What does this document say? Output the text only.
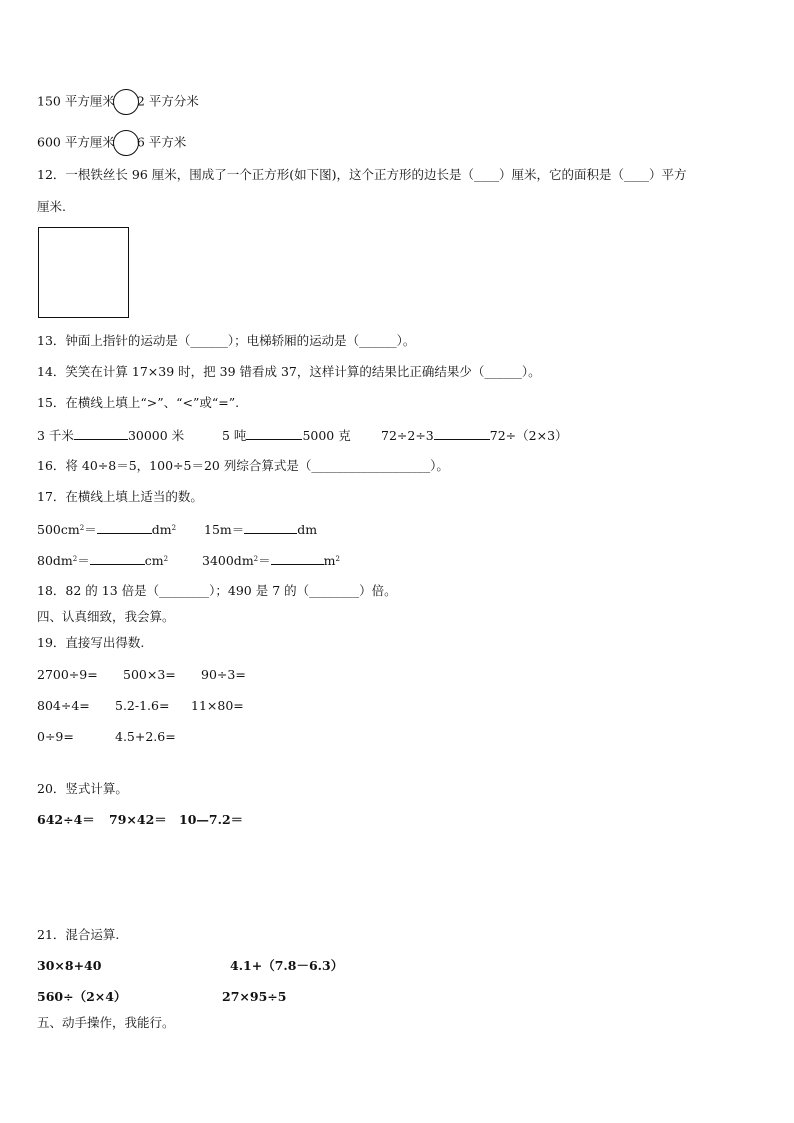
150 平方厘米 2 平方分米
600 平方厘米 6 平方米
12．一根铁丝长 96 厘米，围成了一个正方形(如下图)，这个正方形的边长是（____）厘米，它的面积是（____）平方
厘米.
13．钟面上指针的运动是（______）；电梯轿厢的运动是（______）。
14．笑笑在计算 17×39 时，把 39 错看成 37，这样计算的结果比正确结果少（______）。
15．在横线上填上“>”、“<”或“=”.
3 千米	30000 米	5 吨	5000 克 72÷2÷3	72÷（2×3）
16．将 40÷8＝5，100÷5＝20 列综合算式是（___________________）。
17．在横线上填上适当的数。
$500cm^2=$	$dm^2$ 15m＝	dm
$80dm^2=$	$cm^2$	$3400dm^2=$	$m^2$
18．82 的 13 倍是（________）；490 是 7 的（________）倍。
四、认真细致，我会算。
19．直接写出得数.
2700÷9= 500×3= 90÷3=
804÷4= 5.2-1.6= 11×80=
0÷9=	4.5+2.6=
20．竖式计算。
642÷4＝ 79×42＝ 10—7.2＝
21．混合运算.
30×8+40	4.1+（7.8－6.3）
560÷（2×4）	27×95÷5
五、动手操作，我能行。
